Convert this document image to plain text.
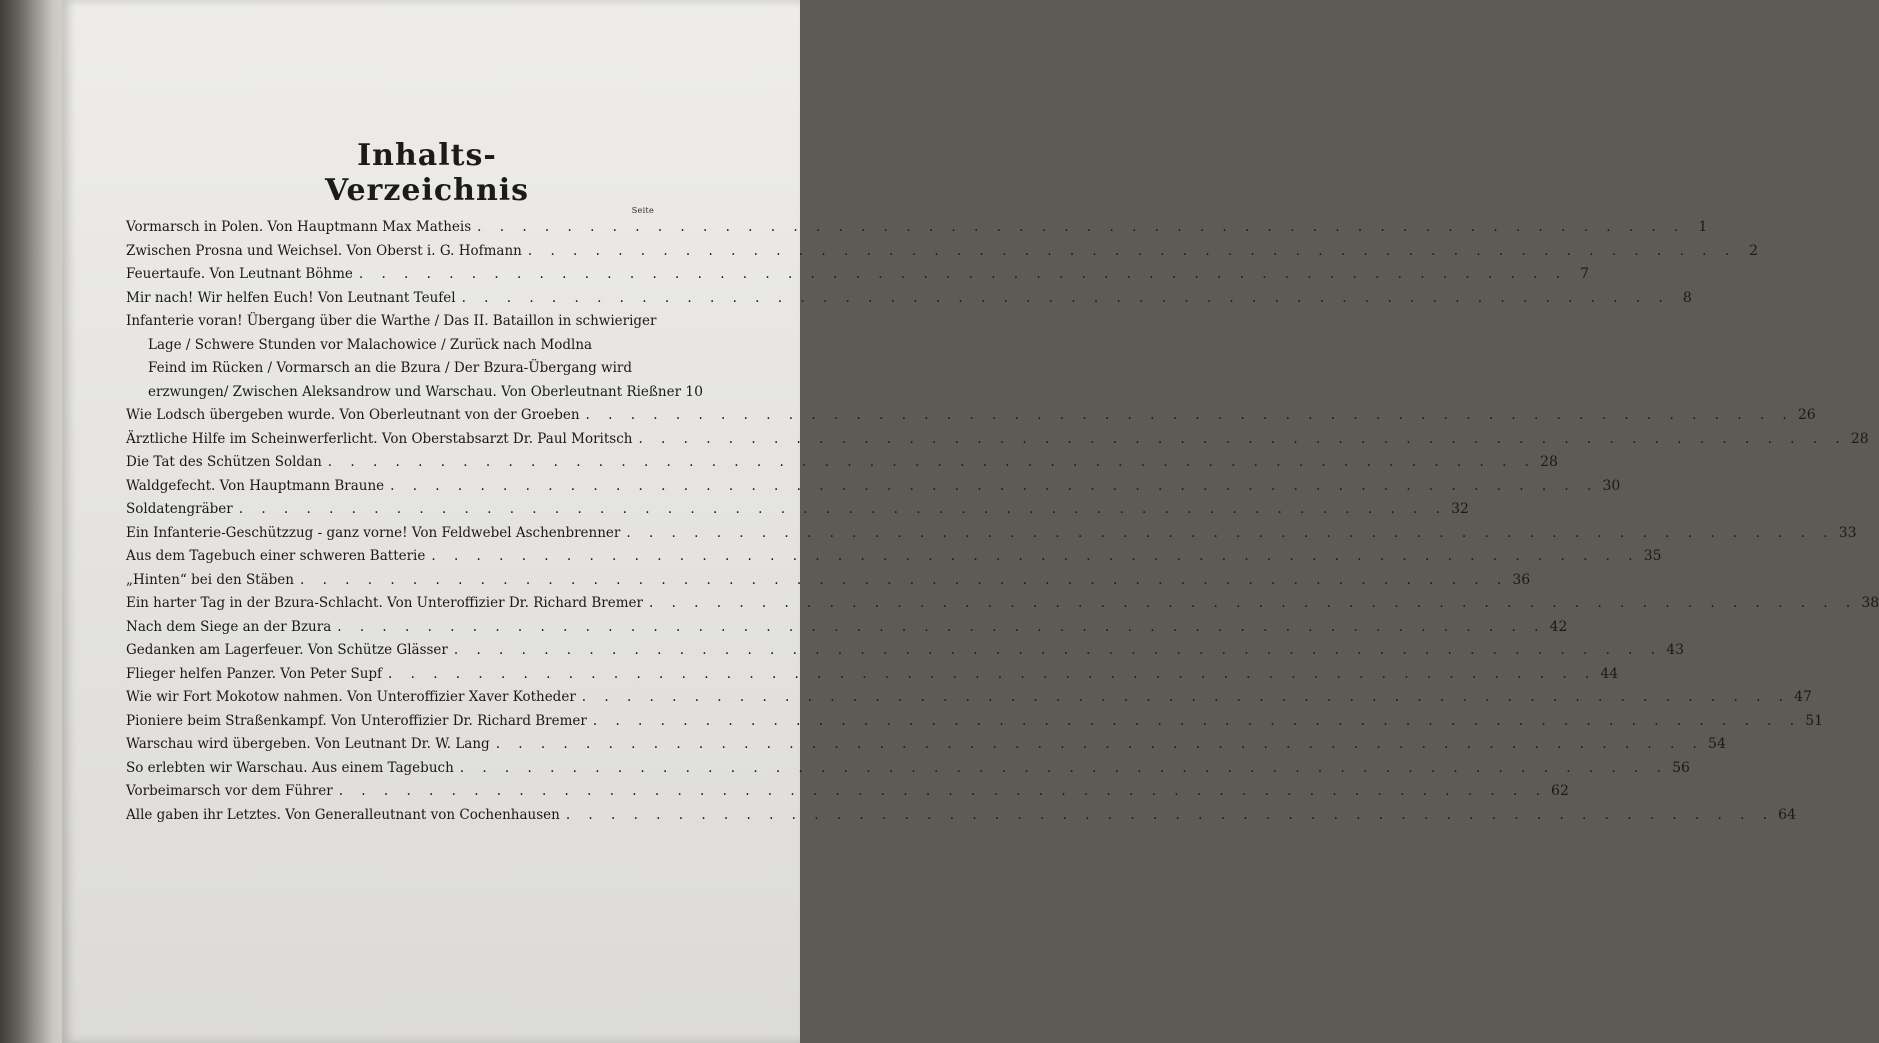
Inhalts-Verzeichnis
Seite
Vormarsch in Polen. Von Hauptmann Max Matheis . . . . . . . . . . . . . . . . . . . . . . . . . . . . . . . . . . . . . . . . . . . . . . . . . . . . . . 1
Zwischen Prosna und Weichsel. Von Oberst i. G. Hofmann . . . . . . . . . . . . . . . . . . . . . . . . . . . . . . . . . . . . . . . . . . . . . . . . . . . . . . 2
Feuertaufe. Von Leutnant Böhme . . . . . . . . . . . . . . . . . . . . . . . . . . . . . . . . . . . . . . . . . . . . . . . . . . . . . . 7
Mir nach! Wir helfen Euch! Von Leutnant Teufel . . . . . . . . . . . . . . . . . . . . . . . . . . . . . . . . . . . . . . . . . . . . . . . . . . . . . . 8
Infanterie voran! Übergang über die Warthe / Das II. Bataillon in schwieriger
Lage / Schwere Stunden vor Malachowice / Zurück nach Modlna
Feind im Rücken / Vormarsch an die Bzura / Der Bzura-Übergang wird
erzwungen/ Zwischen Aleksandrow und Warschau. Von Oberleutnant Rießner 10
Wie Lodsch übergeben wurde. Von Oberleutnant von der Groeben . . . . . . . . . . . . . . . . . . . . . . . . . . . . . . . . . . . . . . . . . . . . . . . . . . . . . . 26
Ärztliche Hilfe im Scheinwerferlicht. Von Oberstabsarzt Dr. Paul Moritsch . . . . . . . . . . . . . . . . . . . . . . . . . . . . . . . . . . . . . . . . . . . . . . . . . . . . . . 28
Die Tat des Schützen Soldan . . . . . . . . . . . . . . . . . . . . . . . . . . . . . . . . . . . . . . . . . . . . . . . . . . . . . . 28
Waldgefecht. Von Hauptmann Braune . . . . . . . . . . . . . . . . . . . . . . . . . . . . . . . . . . . . . . . . . . . . . . . . . . . . . . 30
Soldatengräber . . . . . . . . . . . . . . . . . . . . . . . . . . . . . . . . . . . . . . . . . . . . . . . . . . . . . . 32
Ein Infanterie-Geschützzug - ganz vorne! Von Feldwebel Aschenbrenner . . . . . . . . . . . . . . . . . . . . . . . . . . . . . . . . . . . . . . . . . . . . . . . . . . . . . . 33
Aus dem Tagebuch einer schweren Batterie . . . . . . . . . . . . . . . . . . . . . . . . . . . . . . . . . . . . . . . . . . . . . . . . . . . . . . 35
„Hinten“ bei den Stäben . . . . . . . . . . . . . . . . . . . . . . . . . . . . . . . . . . . . . . . . . . . . . . . . . . . . . . 36
Ein harter Tag in der Bzura-Schlacht. Von Unteroffizier Dr. Richard Bremer . . . . . . . . . . . . . . . . . . . . . . . . . . . . . . . . . . . . . . . . . . . . . . . . . . . . . . 38
Nach dem Siege an der Bzura . . . . . . . . . . . . . . . . . . . . . . . . . . . . . . . . . . . . . . . . . . . . . . . . . . . . . . 42
Gedanken am Lagerfeuer. Von Schütze Glässer . . . . . . . . . . . . . . . . . . . . . . . . . . . . . . . . . . . . . . . . . . . . . . . . . . . . . . 43
Flieger helfen Panzer. Von Peter Supf . . . . . . . . . . . . . . . . . . . . . . . . . . . . . . . . . . . . . . . . . . . . . . . . . . . . . . 44
Wie wir Fort Mokotow nahmen. Von Unteroffizier Xaver Kotheder . . . . . . . . . . . . . . . . . . . . . . . . . . . . . . . . . . . . . . . . . . . . . . . . . . . . . . 47
Pioniere beim Straßenkampf. Von Unteroffizier Dr. Richard Bremer . . . . . . . . . . . . . . . . . . . . . . . . . . . . . . . . . . . . . . . . . . . . . . . . . . . . . . 51
Warschau wird übergeben. Von Leutnant Dr. W. Lang . . . . . . . . . . . . . . . . . . . . . . . . . . . . . . . . . . . . . . . . . . . . . . . . . . . . . . 54
So erlebten wir Warschau. Aus einem Tagebuch . . . . . . . . . . . . . . . . . . . . . . . . . . . . . . . . . . . . . . . . . . . . . . . . . . . . . . 56
Vorbeimarsch vor dem Führer . . . . . . . . . . . . . . . . . . . . . . . . . . . . . . . . . . . . . . . . . . . . . . . . . . . . . . 62
Alle gaben ihr Letztes. Von Generalleutnant von Cochenhausen . . . . . . . . . . . . . . . . . . . . . . . . . . . . . . . . . . . . . . . . . . . . . . . . . . . . . . 64
